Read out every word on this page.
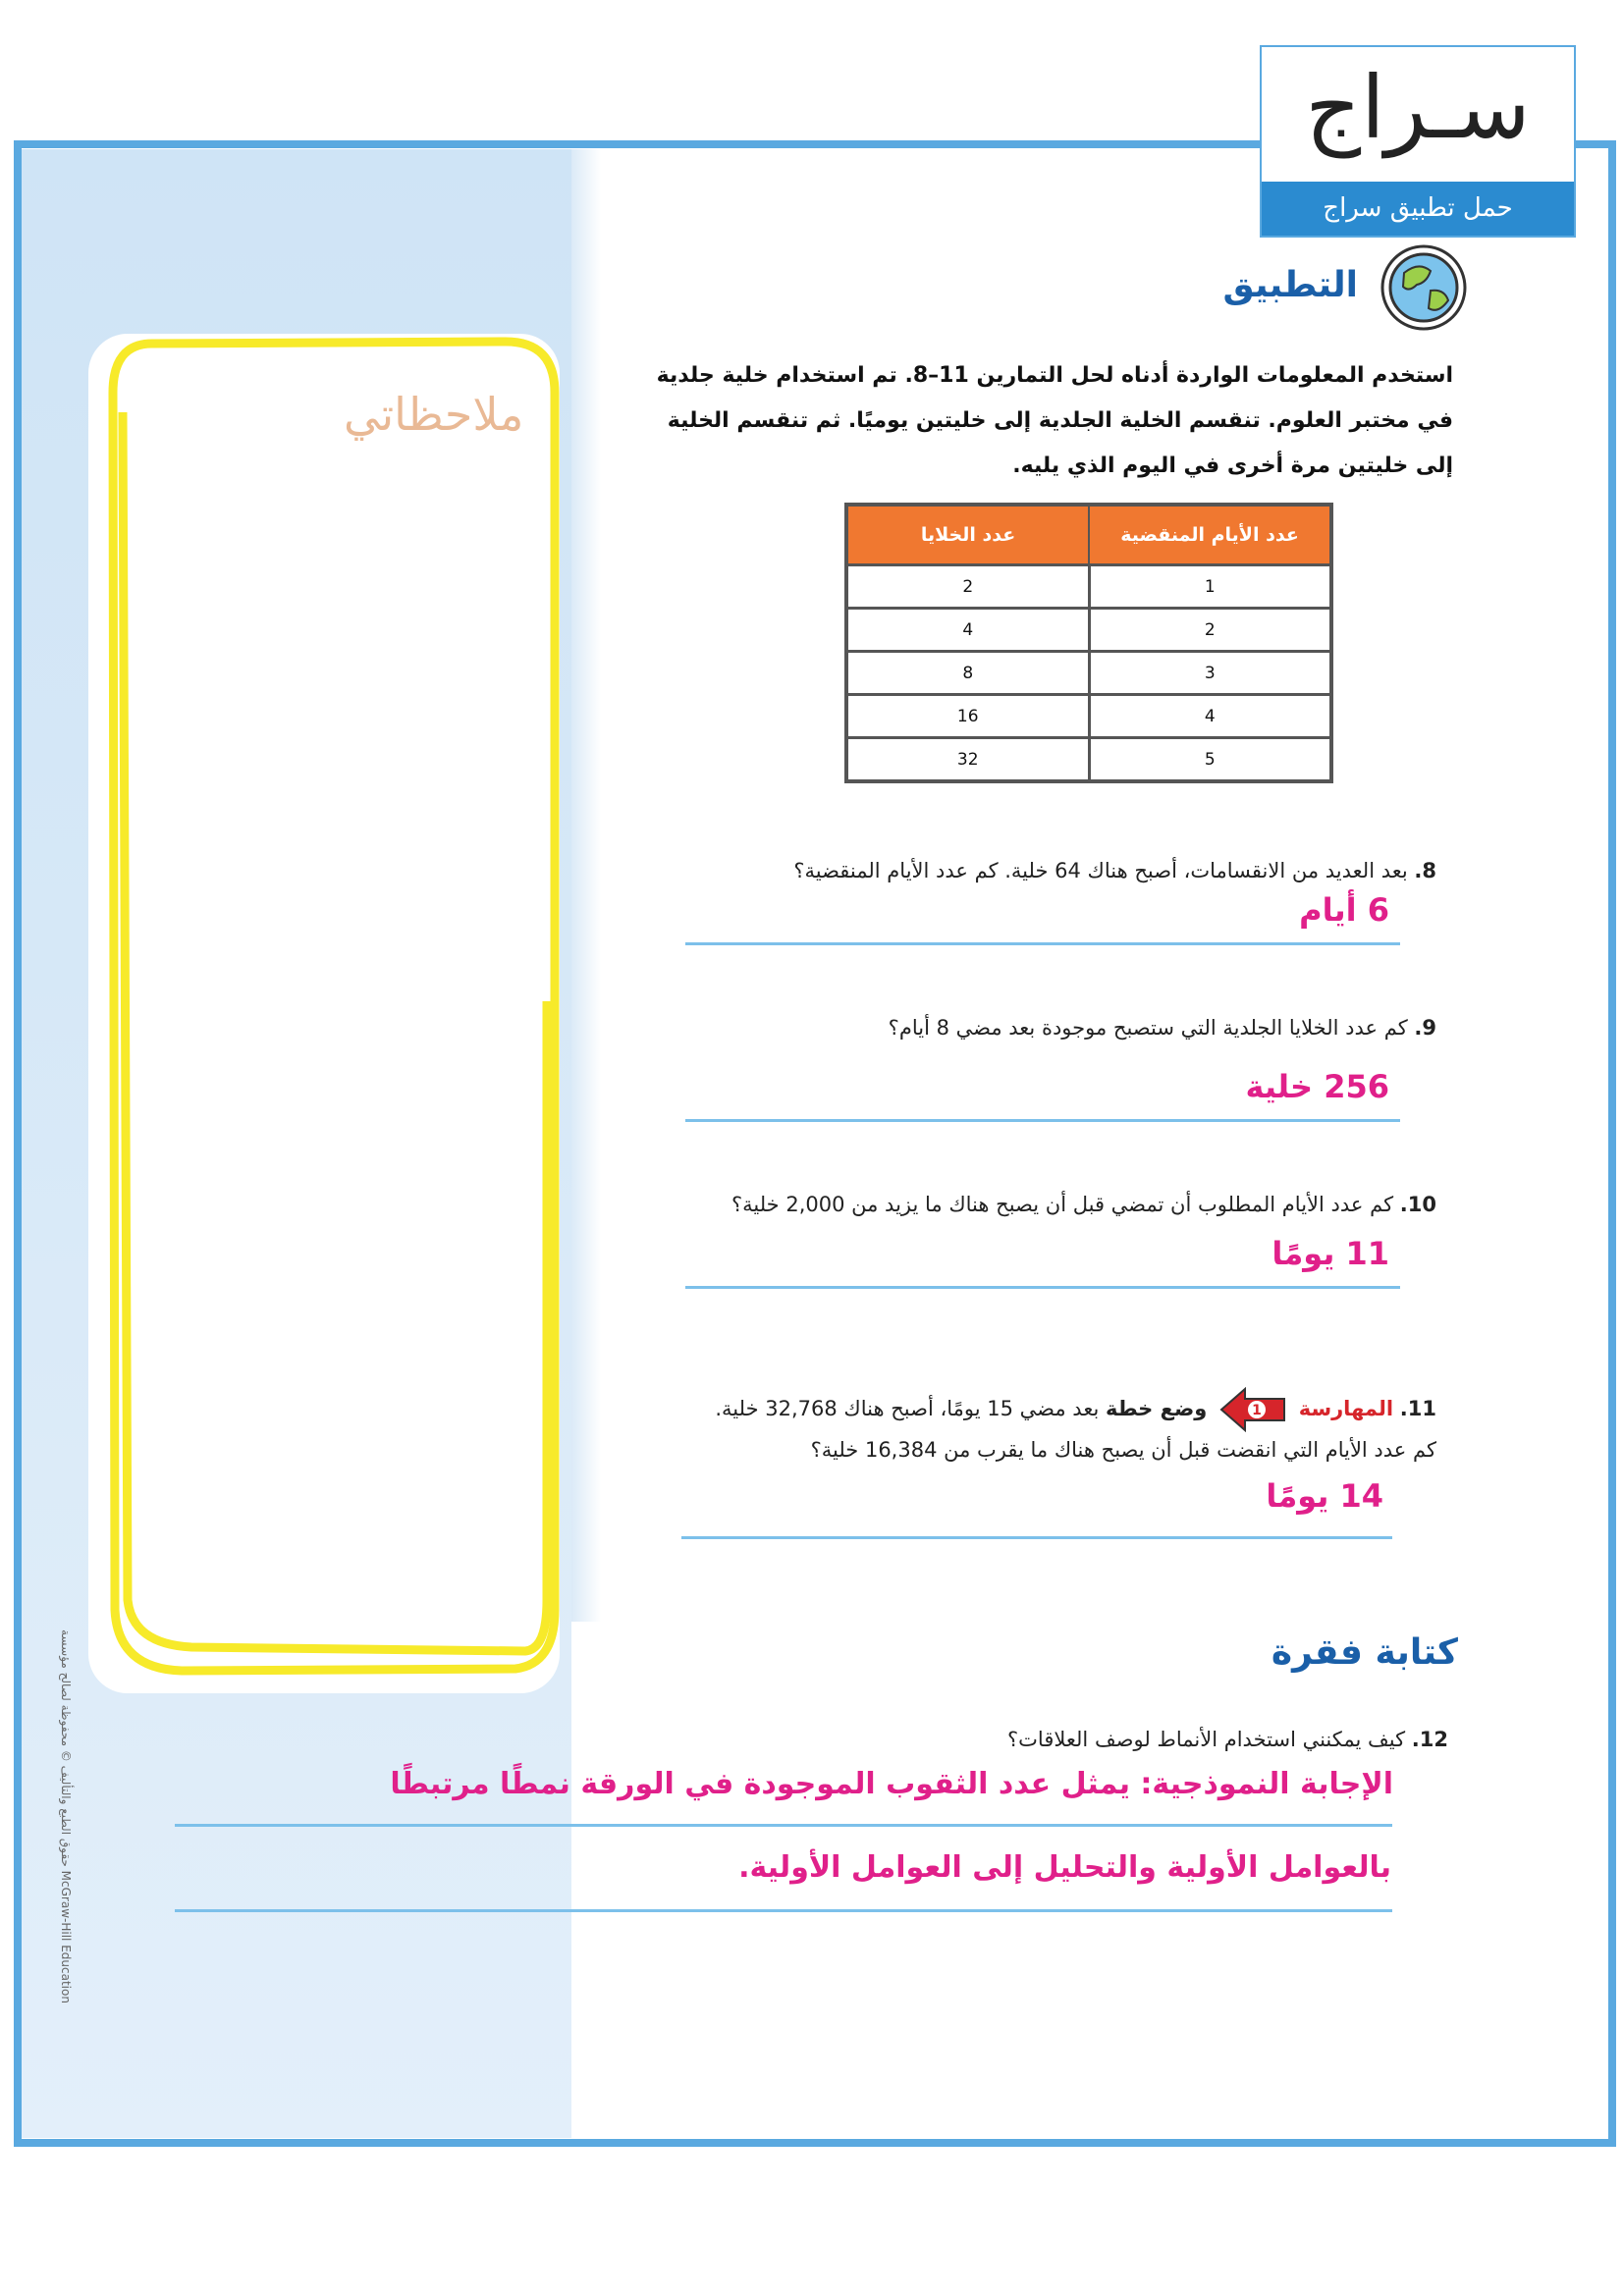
ملاحظاتي
حقوق الطبع والتأليف © محفوظة لصالح مؤسسة McGraw-Hill Education
سـراج
حمل تطبيق سراج
التطبيق
استخدم المعلومات الواردة أدناه لحل التمارين 11–8. تم استخدام خلية جلدية في مختبر العلوم. تنقسم الخلية الجلدية إلى خليتين يوميًا. ثم تنقسم الخلية إلى خليتين مرة أخرى في اليوم الذي يليه.
عدد الأيام المنقضية	عدد الخلايا
1	2
2	4
3	8
4	16
5	32
8. بعد العديد من الانقسامات، أصبح هناك 64 خلية. كم عدد الأيام المنقضية؟
6 أيام
9. كم عدد الخلايا الجلدية التي ستصبح موجودة بعد مضي 8 أيام؟
256 خلية
10. كم عدد الأيام المطلوب أن تمضي قبل أن يصبح هناك ما يزيد من 2,000 خلية؟
11 يومًا
11. المهارسة
1
وضع خطة بعد مضي 15 يومًا، أصبح هناك 32,768 خلية.
كم عدد الأيام التي انقضت قبل أن يصبح هناك ما يقرب من 16,384 خلية؟
14 يومًا
كتابة فقرة
12. كيف يمكنني استخدام الأنماط لوصف العلاقات؟
الإجابة النموذجية: يمثل عدد الثقوب الموجودة في الورقة نمطًا مرتبطًا
بالعوامل الأولية والتحليل إلى العوامل الأولية.
